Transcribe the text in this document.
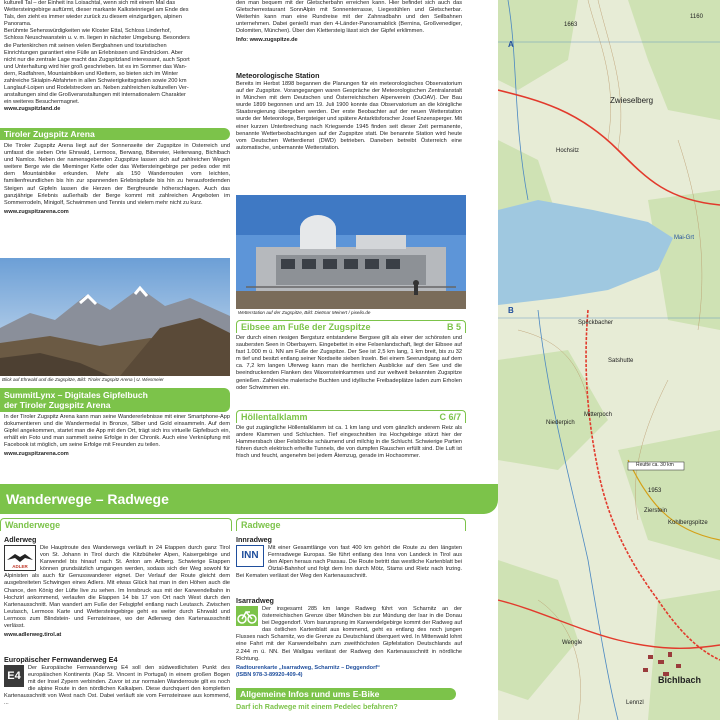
kulturell Tal – der Einheit ins Loisachtal, wenn sich mit einem Mal das

Wettersteingebirge auftürmt, dieser markante Kalksteinriegel am Ende des

Tals, den zieht es immer wieder zurück zu diesem einzigartigen, alpinen

Panorama.

Berühmte Sehenswürdigkeiten wie Kloster Ettal, Schloss Linderhof,

Schloss Neuschwanstein u. v. m. liegen in nächster Umgebung. Besonders

die Partenkirchen mit seinen vielen Bergbahnen und touristischen

Einrichtungen garantiert eine Fülle an Erlebnissen und Eindrücken. Aber

nicht nur die zentrale Lage macht das Zugspitzland interessant, auch Sport

und Unterhaltung wird hier groß geschrieben. Ist es im Sommer das Wan-

dern, Radfahren, Mountainbiken und Klettern, so bieten sich im Winter

zahlreiche Skialpin-Abfahrten in allen Schwierigkeitsgraden sowie 200 km

Langlauf-Loipen und Rodelstrecken an. Neben zahlreichen kulturellen Ver-

anstaltungen sind die Großveranstaltungen mit internationalem Charakter

ein weiteres Besuchermagnet.

www.zugspitzland.de

Tiroler Zugspitz Arena

Die Tiroler Zugspitz Arena liegt auf der Sonnenseite der Zugspitze in Österreich und umfasst die sieben Orte Ehrwald, Lermoos, Berwang, Biberwier, Heiterwang, Bichlbach und Namlos. Neben der namensgebenden Zugspitze lassen sich auf zahlreichen Wegen weitere Berge wie die Mieminger Kette oder das Wettersteingebirge per pedes oder mit dem Mountainbike erkunden. Mehr als 150 Wanderrouten vom leichten, familienfreundlichen bis hin zur spannenden Erlebnispfade bis hin zu herausfordernden Steigen auf Gipfeln lassen die Herzen der Bergfreunde höherschlagen. Auch das ganzjährige Erlebnis außerhalb der Berge kommt mit zahlreichen Angeboten im Sommerrodeln, Minigolf, Schwimmen und Tennis und vielem mehr nicht zu kurz.

www.zugspitzarena.com

Blick auf Ehrwald und die Zugspitze, Bild: Tiroler Zugspitz Arena | U. Wiesmeier
SummitLynx – Digitales Gipfelbuch
der Tiroler Zugspitz Arena

In der Tiroler Zugspitz Arena kann man seine Wandererlebnisse mit einer Smartphone-App dokumentieren und die Wandermedal in Bronze, Silber und Gold einsammeln. Auf dem Gipfel angekommen, startet man die App mit den Ort, trägt sich ins virtuelle Gipfelbuch ein, erhält ein Foto und man sammelt seine Erfolge in der Chronik. Auch eine Verknüpfung mit Facebook ist möglich, um seine Erfolge mit Freunden zu teilen.

www.zugspitzarena.com

den man bequem mit der Gletscherbahn erreichen kann. Hier befindet sich auch das Gletscherrestaurant SonnAlpin mit Sonnenterrasse, Liegestühlen und Gletscherbar. Weiterhin kann man eine Rundreise mit der Zahnradbahn und den Seilbahnen unternehmen. Dabei genießt man den 4-Länder-Panoramablick (Bernina, Großvenediger, Dolomiten, München). Über den Klettersteig lässt sich der Gipfel erklimmen.

Info: www.zugspitze.de

Meteorologische Station

Bereits im Herbst 1898 begannen die Planungen für ein meteorologisches Observatorium auf der Zugspitze. Vorangegangen waren Gespräche der Meteorologischen Zentralanstalt in München mit dem Deutschen und Österreichischen Alpenverein (DuOAV). Der Bau wurde 1899 begonnen und am 19. Juli 1900 konnte das Observatorium an die königliche Staatsregierung übergeben werden. Der erste Beobachter auf der neuen Wetterstation wurde der Meteorologe, Bergsteiger und spätere Antarktisforscher Josef Enzensperger. Mit einer kurzen Unterbrechung nach Kriegsende 1945 finden seit dieser Zeit permanente, benannte Wetterbeobachtungen auf der Zugspitze statt. Die benannte Station wird heute vom Deutschen Wetterdienst (DWD) betrieben. Daneben betreibt Österreich eine automatische, unbemannte Wetterstation.

Wetterstation auf der Zugspitze, Bild: Dietmar Meinert / pixelio.de
Eibsee am Fuße der Zugspitze	B 5

Der durch einen riesigen Bergsturz entstandene Bergsee gilt als einer der schönsten und saubersten Seen in Oberbayern. Eingebettet in eine Felsenlandschaft, liegt der Eibsee auf fast 1.000 m ü. NN am Fuße der Zugspitze. Der See ist 2,5 km lang, 1 km breit, bis zu 32 m tief und besitzt entlang seiner Nordseite sieben Inseln. Bei einem Seerundgang auf dem ca. 7,2 km langen Uferweg kann man die herrlichen Ausblicke auf den See und die beeindruckenden Flanken des Waxensteinkammes und zur weltweit bekannten Zugspitze genießen. Zahlreiche malerische Buchten und idyllische Freibadeplätze laden zum Erholen oder Schwimmen ein.

Höllentalklamm	C 6/7

Die gut zugängliche Höllentalklamm ist ca. 1 km lang und vom gänzlich anderem Reiz als andere Klammen und Schluchten. Tief eingeschnitten ins Hochgebirge stürzt hier der Hammersbach über Felsblöcke schäumend und milchig in die Schlucht. Schwierige Partien führen durch elektrisch erhellte Tunnels, die von dumpfen Rauschen erfüllt sind. Die Luft ist frisch und feucht, angenehm bei jedem Ätemzug, gerade im Hochsommer.

Wanderwege – Radwege
Wanderwege
Adlerweg
ADLER

Die Hauptroute des Wanderwegs verläuft in 24 Etappen durch ganz Tirol von St. Johann in Tirol durch die Kitzbüheler Alpen, Kaisergebirge und Karwendel bis hinauf nach St. Anton am Arlberg. Schwierige Etappen können grundsätzlich umgangen werden, sodass sich der Weg sowohl für Alpinisten als auch für Genusswanderer eignet. Der Verlauf der Route gleicht dem ausgebreiteten Schwingen eines Adlers. Mit etwas Glück hat man in den Höhen auch die Chance, den König der Lüfte live zu sehen. Im Innsbruck aus mit der Karwendelbahn in Hochzirl ankommend, verlaufen die Etappen 14 bis 17 von Ort nach West durch den Kartenausschnitt. Man wandert am Fuße der Felsgipfel entlang nach Leutasch. Zwischen Leutasch, Lermoos Karte und Wettersteingebirge geht es weiter durch Ehrwald und Lermoos zum Blindstein- und Fernsteinsee, wo der Adlerweg den Kartenausschnitt verlässt.

www.adlerweg.tirol.at

Europäischer Fernwanderweg E4
E4

Der Europäische Fernwanderweg E4 soll den südwestlichsten Punkt des europäischen Kontinents (Kap St. Vincent in Portugal) in einem großen Bogen mit der Insel Zypern verbinden. Zuvor ist zur normalen Wanderroute gilt es noch die alpine Route in den nördlichen Kalkalpen. Diese durchquert den kompletten Kartenausschnitt von West nach Ost. Dabei verläuft sie vom Fernsteinsee aus kommend, ...

Radwege
Innradweg
INN

Mit einer Gesamtlänge von fast 400 km gehört die Route zu den längsten Fernradwege Europas. Sie führt entlang des Inns von Landeck in Tirol aus den Alpen heraus nach Passau. Die Route betritt das westliche Kartenblatt bei Ötztal-Bahnhof und folgt dem Inn durch Mötz, Stams und Rietz nach Inzing. Bei Kematen verlässt der Weg den Kartenausschnitt.

Isarradweg

Der insgesamt 285 km lange Radweg führt von Scharnitz an der österreichischen Grenze über München bis zur Mündung der Isar in die Donau bei Deggendorf. Vom Isarursprung im Karwendelgebirge kommt der Radweg auf das östlichen Kartenblatt aus kommend, geht es entlang des noch jungen Flusses nach Scharnitz, wo die Grenze zu Deutschland überquert wird. In Mittenwald lohnt eine Fahrt mit der Karwendelbahn zum zweithöchsten Gipfelstation Deutschlands auf 2.244 m ü. NN. Bei Wallgau verlässt der Radweg den Kartenausschnitt in nördliche Richtung.

Radtourenkarte „Isarradweg, Scharnitz – Deggendorf“

(ISBN 978-3-89920-409-4)

Allgemeine Infos rund ums E-Bike
Darf ich Radwege mit einem Pedelec befahren?
A
B
Zwieselberg
1160
1663
Hochsitz
Mai-Grt
Speckbacher
Satshutte
Mitterpoch
Niederpich
Reutte ca. 30 km
Zierstein
Kohlbergspitze
1953
Bichlbach
Lennzl
Wengle
